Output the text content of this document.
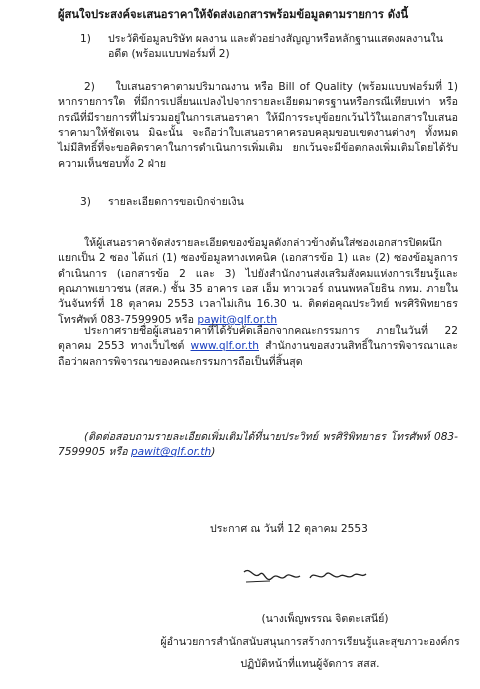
ผู้สนใจประสงค์จะเสนอราคาให้จัดส่งเอกสารพร้อมข้อมูลตามรายการ ดังนี้
1)	ประวัติข้อมูลบริษัท ผลงาน และตัวอย่างสัญญาหรือหลักฐานแสดงผลงานในอดีต (พร้อมแบบฟอร์มที่ 2)

2) ใบเสนอราคาตามปริมาณงาน หรือ Bill of Quality (พร้อมแบบฟอร์มที่ 1) หากรายการใด ที่มีการเปลี่ยนแปลงไปจากรายละเอียดมาตรฐานหรือกรณีเทียบเท่า หรือกรณีที่มีรายการที่ไม่รวมอยู่ในการเสนอราคา ให้มีการระบุข้อยกเว้นไว้ในเอกสารใบเสนอราคามาให้ชัดเจน มิฉะนั้น จะถือว่าใบเสนอราคาครอบคลุมขอบเขตงานต่างๆ ทั้งหมด ไม่มีสิทธิ์ที่จะขอคิดราคาในการดำเนินการเพิ่มเติม ยกเว้นจะมีข้อตกลงเพิ่มเติมโดยได้รับความเห็นชอบทั้ง 2 ฝ่าย

3)	รายละเอียดการขอเบิกจ่ายเงิน

ให้ผู้เสนอราคาจัดส่งรายละเอียดของข้อมูลดังกล่าวข้างต้นใส่ซองเอกสารปิดผนึกแยกเป็น 2 ซอง ได้แก่ (1) ซองข้อมูลทางเทคนิค (เอกสารข้อ 1) และ (2) ซองข้อมูลการดำเนินการ (เอกสารข้อ 2 และ 3) ไปยังสำนักงานส่งเสริมสังคมแห่งการเรียนรู้และคุณภาพเยาวชน (สสค.) ชั้น 35 อาคาร เอส เอ็ม ทาวเวอร์ ถนนพหลโยธิน กทม. ภายในวันจันทร์ที่ 18 ตุลาคม 2553 เวลาไม่เกิน 16.30 น. ติดต่อคุณประวิทย์ พรศิริพิทยาธร โทรศัพท์ 083-7599905 หรือ pawit@qlf.or.th

ประกาศรายชื่อผู้เสนอราคาที่ได้รับคัดเลือกจากคณะกรรมการ ภายในวันที่ 22 ตุลาคม 2553 ทางเว็บไซต์ www.qlf.or.th สำนักงานขอสงวนสิทธิ์ในการพิจารณาและถือว่าผลการพิจารณาของคณะกรรมการถือเป็นที่สิ้นสุด

(ติดต่อสอบถามรายละเอียดเพิ่มเติมได้ที่นายประวิทย์ พรศิริพิทยาธร โทรศัพท์ 083-7599905 หรือ pawit@qlf.or.th)

ประกาศ ณ วันที่ 12 ตุลาคม 2553
(นางเพ็ญพรรณ จิตตะเสนีย์)
ผู้อำนวยการสำนักสนับสนุนการสร้างการเรียนรู้และสุขภาวะองค์กร
ปฏิบัติหน้าที่แทนผู้จัดการ สสส.
